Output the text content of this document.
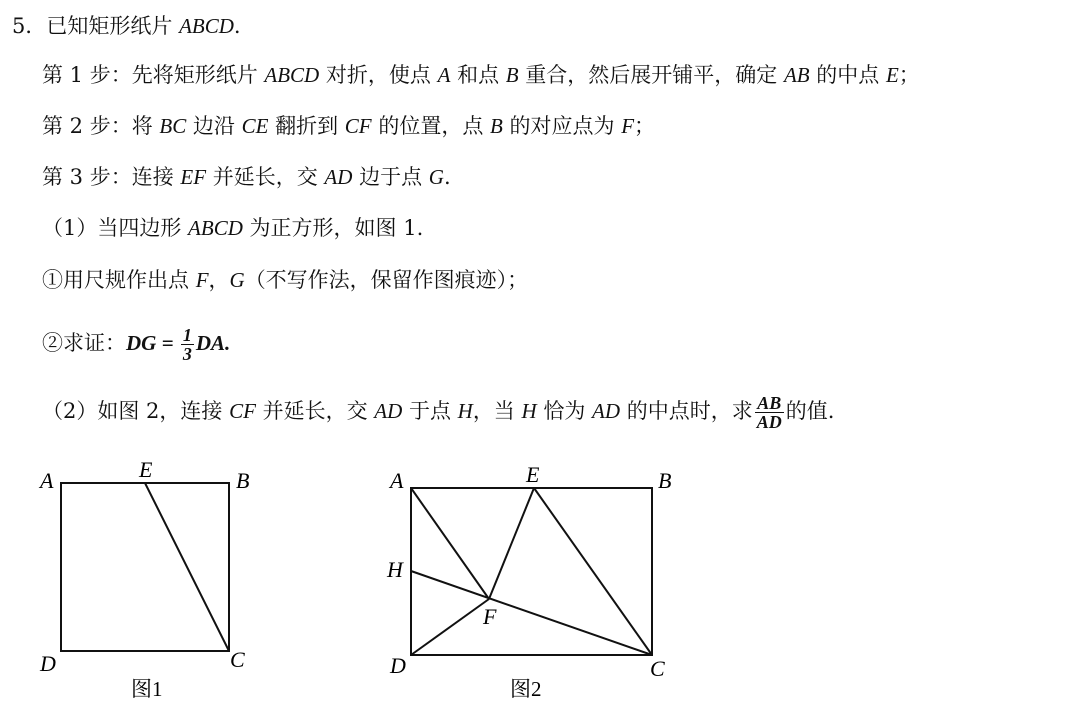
5．已知矩形纸片 ABCD.
第 1 步：先将矩形纸片 ABCD 对折，使点 A 和点 B 重合，然后展开铺平，确定 AB 的中点 E；
第 2 步：将 BC 边沿 CE 翻折到 CF 的位置，点 B 的对应点为 F；
第 3 步：连接 EF 并延长，交 AD 边于点 G.
（1）当四边形 ABCD 为正方形，如图 1.
①用尺规作出点 F，G（不写作法，保留作图痕迹）；
②求证：DG = $\frac{1}{3}$ DA.
（2）如图 2，连接 CF 并延长，交 AD 于点 H，当 H 恰为 AD 的中点时，求 $\frac{AB}{AD}$ 的值.
A	E	B
D	C
图1
A	E	B
H
F
D	C
图2
